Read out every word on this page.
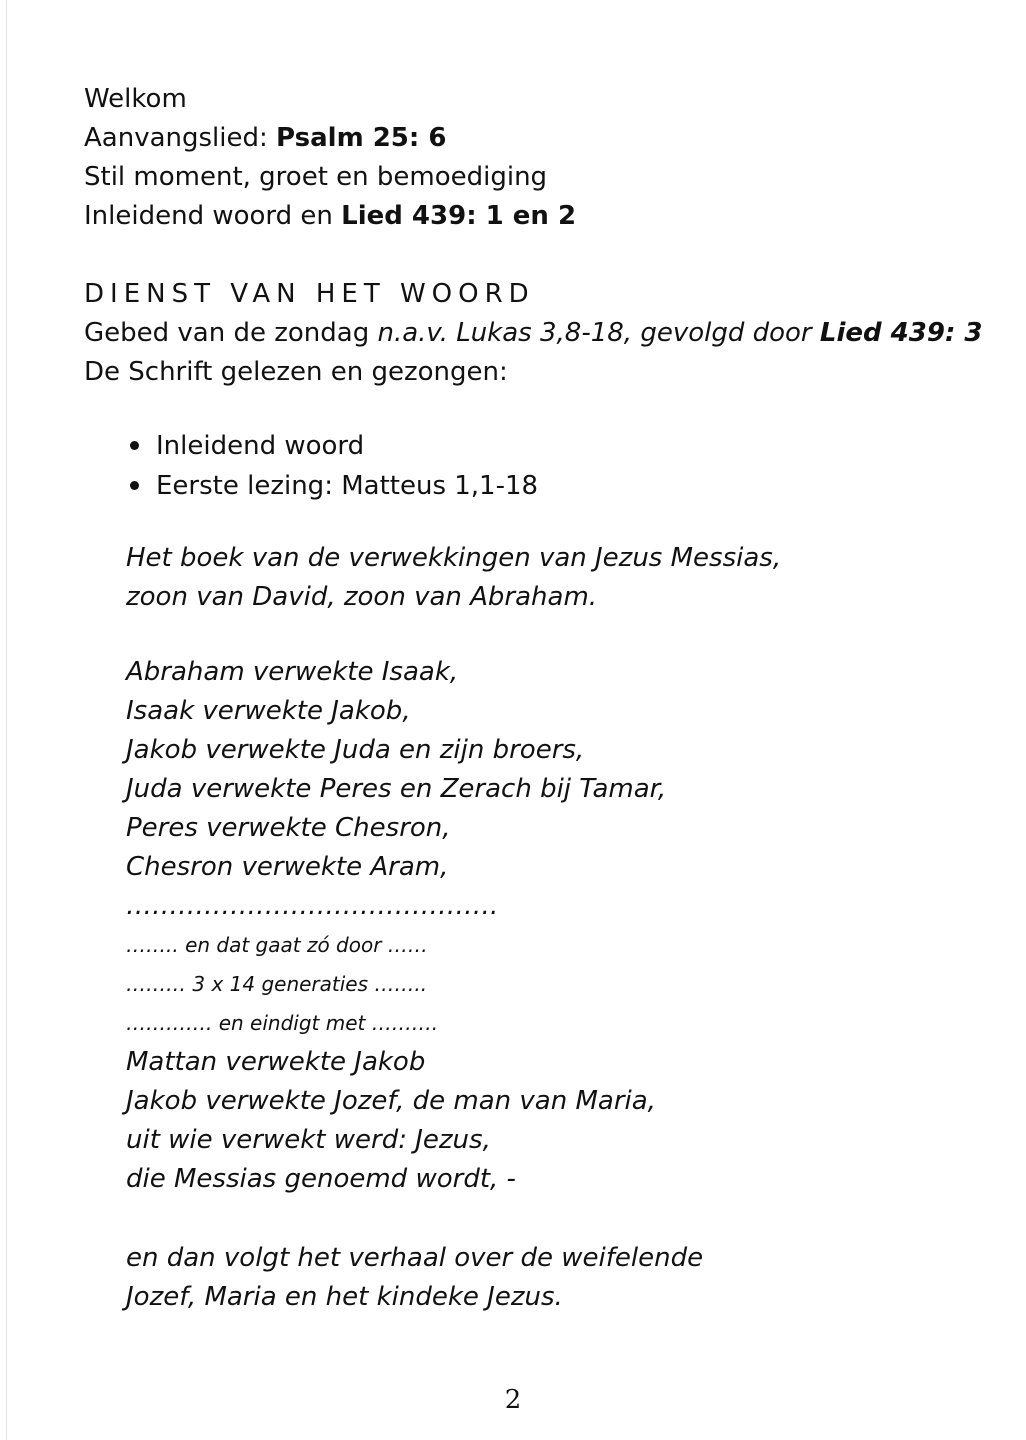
Welkom
Aanvangslied: Psalm 25: 6
Stil moment, groet en bemoediging
Inleidend woord en Lied 439: 1 en 2
DIENST VAN HET WOORD
Gebed van de zondag n.a.v. Lukas 3,8-18, gevolgd door Lied 439: 3
De Schrift gelezen en gezongen:
Inleidend woord
Eerste lezing: Matteus 1,1-18
Het boek van de verwekkingen van Jezus Messias,
zoon van David, zoon van Abraham.
Abraham verwekte Isaak,
Isaak verwekte Jakob,
Jakob verwekte Juda en zijn broers,
Juda verwekte Peres en Zerach bij Tamar,
Peres verwekte Chesron,
Chesron verwekte Aram,
…………………………………….
…….. en dat gaat zó door ……
……… 3 x 14 generaties ……..
…………. en eindigt met ……….
Mattan verwekte Jakob
Jakob verwekte Jozef, de man van Maria,
uit wie verwekt werd: Jezus,
die Messias genoemd wordt, -
en dan volgt het verhaal over de weifelende
Jozef, Maria en het kindeke Jezus.
2
